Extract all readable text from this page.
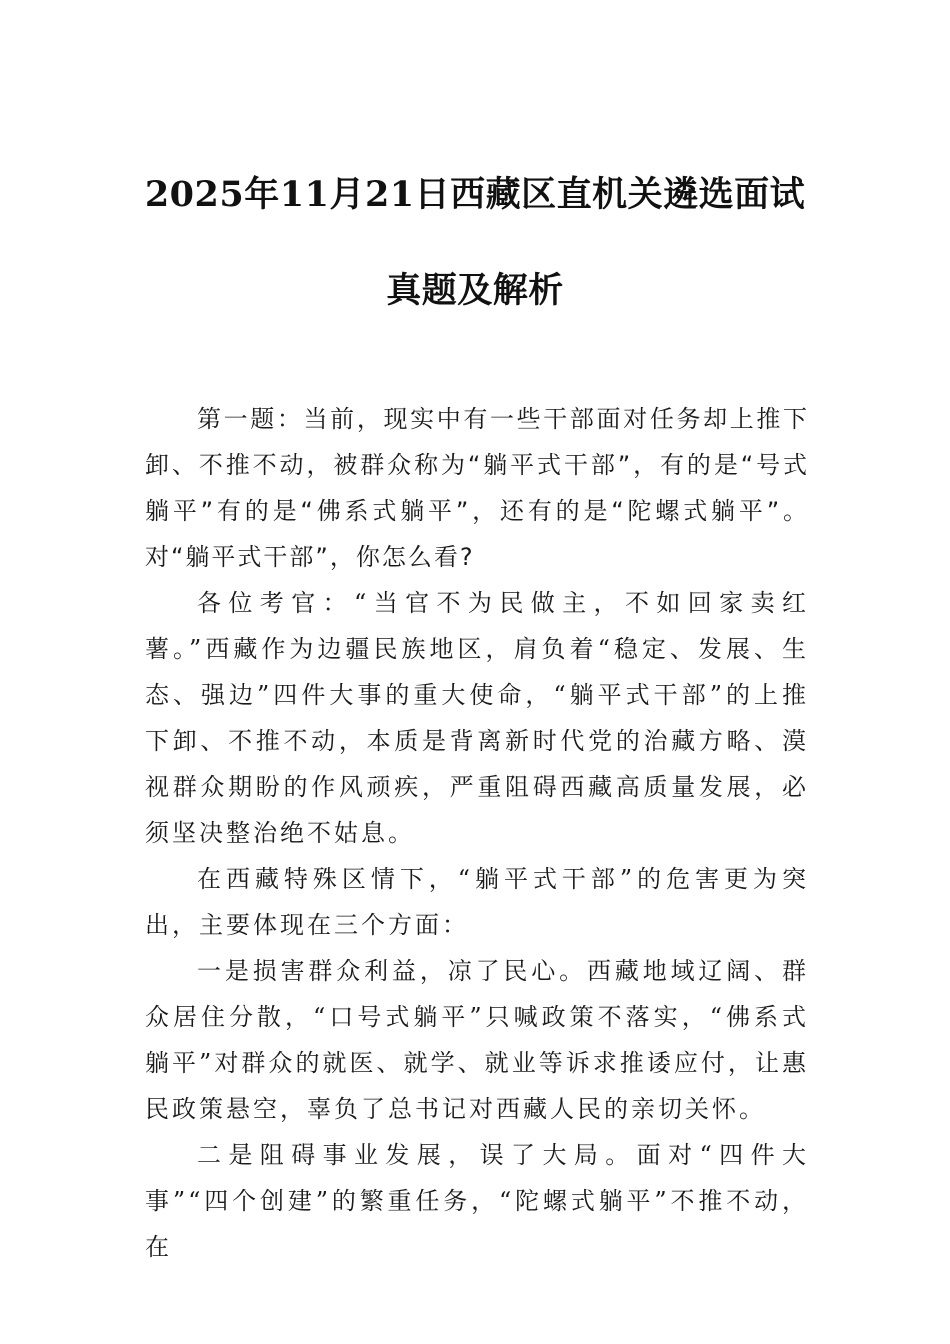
2025年11月21日西藏区直机关遴选面试
真题及解析

第一题：当前，现实中有一些干部面对任务却上推下卸、不推不动，被群众称为“躺平式干部”，有的是“号式躺平”有的是“佛系式躺平”，还有的是“陀螺式躺平”。对“躺平式干部”，你怎么看?

各位考官：“当官不为民做主，不如回家卖红薯。”西藏作为边疆民族地区，肩负着“稳定、发展、生态、强边”四件大事的重大使命，“躺平式干部”的上推下卸、不推不动，本质是背离新时代党的治藏方略、漠视群众期盼的作风顽疾，严重阻碍西藏高质量发展，必须坚决整治绝不姑息。

在西藏特殊区情下，“躺平式干部”的危害更为突出，主要体现在三个方面：

一是损害群众利益，凉了民心。西藏地域辽阔、群众居住分散，“口号式躺平”只喊政策不落实，“佛系式躺平”对群众的就医、就学、就业等诉求推诿应付，让惠民政策悬空，辜负了总书记对西藏人民的亲切关怀。

二是阻碍事业发展，误了大局。面对“四件大事”“四个创建”的繁重任务，“陀螺式躺平”不推不动，在
